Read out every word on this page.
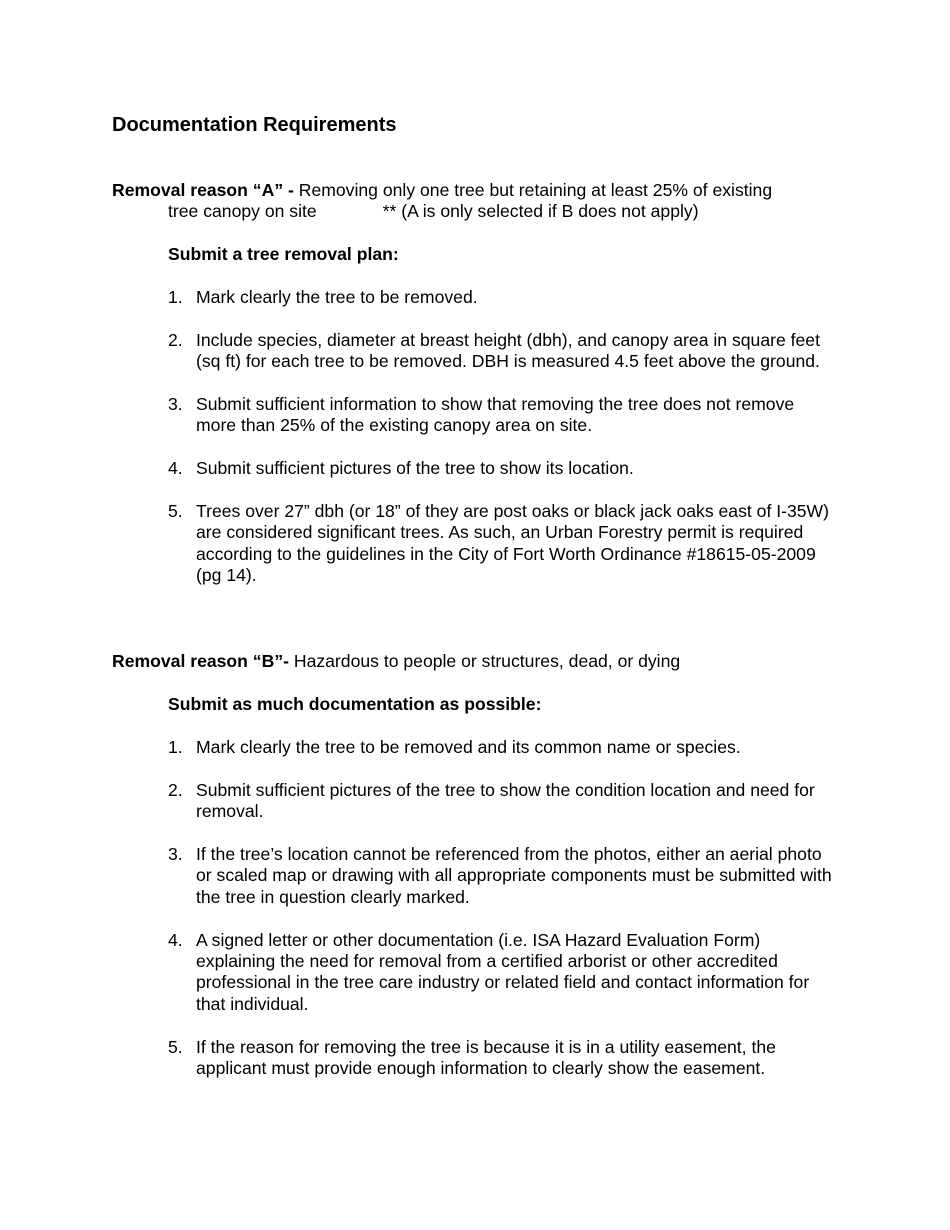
Documentation Requirements
Removal reason “A” - Removing only one tree but retaining at least 25% of existing
tree canopy on site	** (A is only selected if B does not apply)
Submit a tree removal plan:
1. Mark clearly the tree to be removed.
2. Include species, diameter at breast height (dbh), and canopy area in square feet (sq ft) for each tree to be removed. DBH is measured 4.5 feet above the ground.
3. Submit sufficient information to show that removing the tree does not remove more than 25% of the existing canopy area on site.
4. Submit sufficient pictures of the tree to show its location.
5. Trees over 27” dbh (or 18” of they are post oaks or black jack oaks east of I-35W) are considered significant trees. As such, an Urban Forestry permit is required according to the guidelines in the City of Fort Worth Ordinance #18615-05-2009 (pg 14).
Removal reason “B”- Hazardous to people or structures, dead, or dying
Submit as much documentation as possible:
1. Mark clearly the tree to be removed and its common name or species.
2. Submit sufficient pictures of the tree to show the condition location and need for removal.
3. If the tree’s location cannot be referenced from the photos, either an aerial photo or scaled map or drawing with all appropriate components must be submitted with the tree in question clearly marked.
4. A signed letter or other documentation (i.e. ISA Hazard Evaluation Form) explaining the need for removal from a certified arborist or other accredited professional in the tree care industry or related field and contact information for that individual.
5. If the reason for removing the tree is because it is in a utility easement, the applicant must provide enough information to clearly show the easement.
